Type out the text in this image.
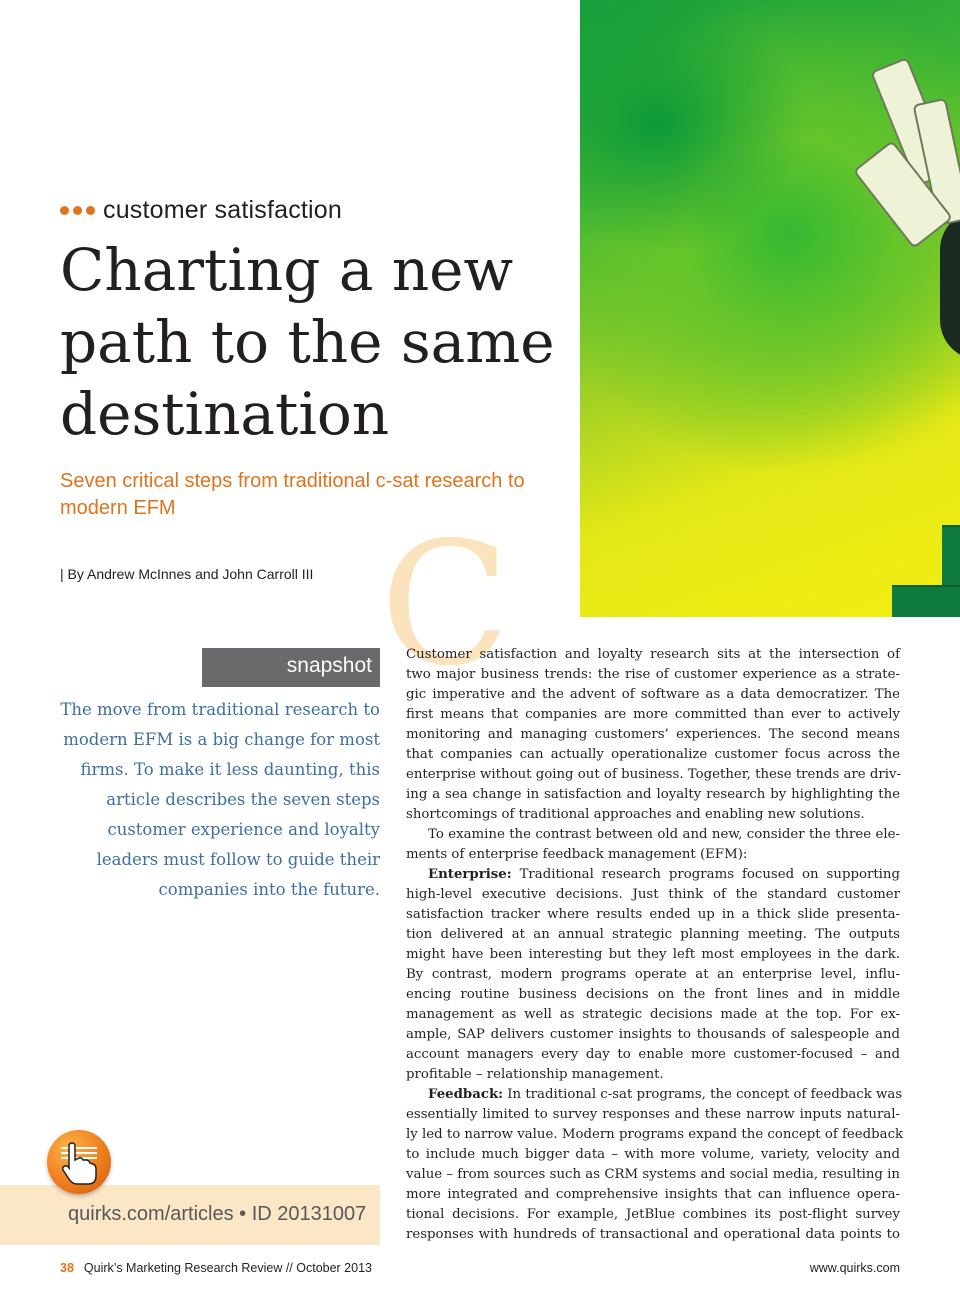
customer satisfaction
Charting a new path to the same destination

Seven critical steps from traditional c-sat research to modern EFM

| By Andrew McInnes and John Carroll III C
snapshot

The move from traditional research to modern EFM is a big change for most firms. To make it less daunting, this article describes the seven steps customer experience and loyalty leaders must follow to guide their companies into the future.

quirks.com/articles • ID 20131007
Customer satisfaction and loyalty research sits at the intersection of
two major business trends: the rise of customer experience as a strate-
gic imperative and the advent of software as a data democratizer. The
first means that companies are more committed than ever to actively
monitoring and managing customers’ experiences. The second means
that companies can actually operationalize customer focus across the
enterprise without going out of business. Together, these trends are driv-
ing a sea change in satisfaction and loyalty research by highlighting the
shortcomings of traditional approaches and enabling new solutions.
To examine the contrast between old and new, consider the three ele-
ments of enterprise feedback management (EFM):
Enterprise: Traditional research programs focused on supporting
high-level executive decisions. Just think of the standard customer
satisfaction tracker where results ended up in a thick slide presenta-
tion delivered at an annual strategic planning meeting. The outputs
might have been interesting but they left most employees in the dark.
By contrast, modern programs operate at an enterprise level, influ-
encing routine business decisions on the front lines and in middle
management as well as strategic decisions made at the top. For ex-
ample, SAP delivers customer insights to thousands of salespeople and
account managers every day to enable more customer-focused – and
profitable – relationship management.
Feedback: In traditional c-sat programs, the concept of feedback was
essentially limited to survey responses and these narrow inputs natural-
ly led to narrow value. Modern programs expand the concept of feedback
to include much bigger data – with more volume, variety, velocity and
value – from sources such as CRM systems and social media, resulting in
more integrated and comprehensive insights that can influence opera-
tional decisions. For example, JetBlue combines its post-flight survey
responses with hundreds of transactional and operational data points to
38 Quirk’s Marketing Research Review // October 2013	www.quirks.com
